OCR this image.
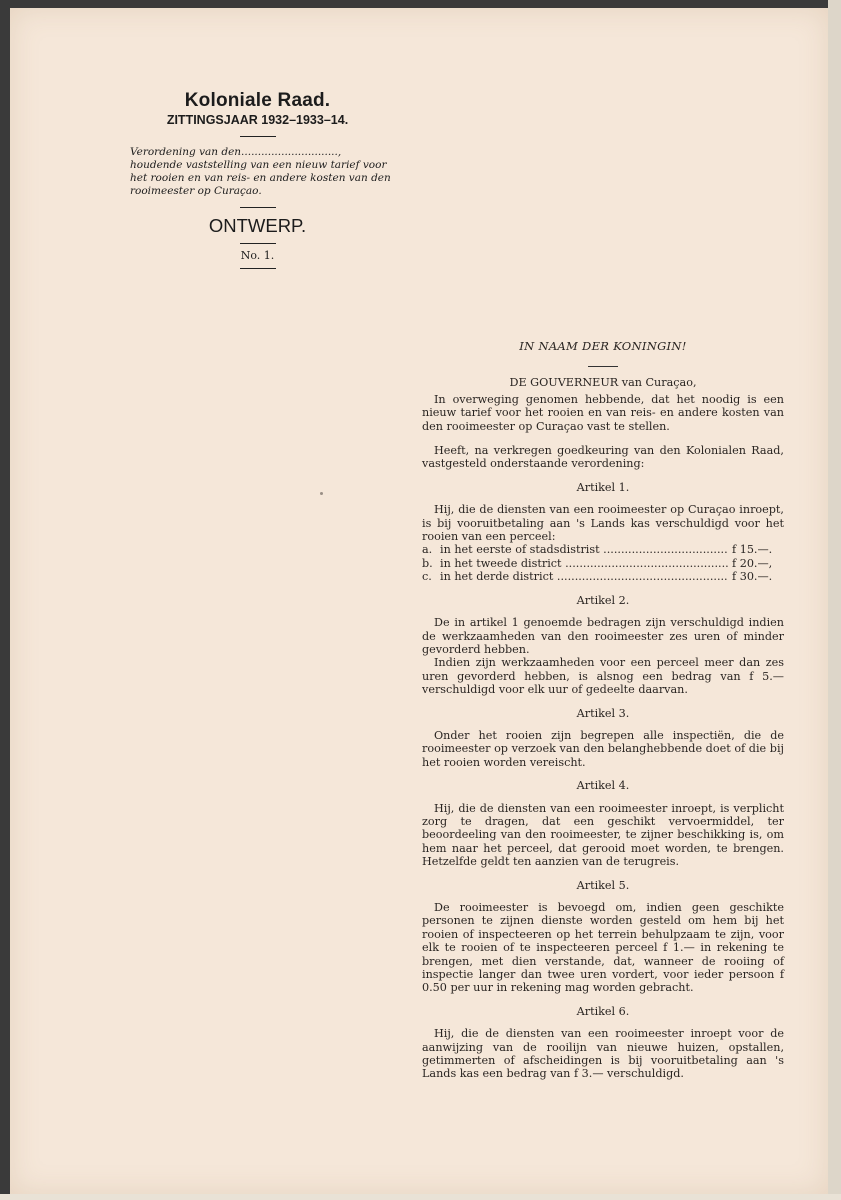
Koloniale Raad.
ZITTINGSJAAR 1932–1933–14.
Verordening van den............................., houdende vaststelling van een nieuw tarief voor het rooien en van reis- en andere kosten van den rooimeester op Curaçao.
ONTWERP.
No. 1.
IN NAAM DER KONINGIN!
DE GOUVERNEUR van Curaçao,

In overweging genomen hebbende, dat het noodig is een nieuw tarief voor het rooien en van reis- en andere kosten van den rooimeester op Curaçao vast te stellen.

Heeft, na verkregen goedkeuring van den Kolonialen Raad, vastgesteld onderstaande verordening:

Artikel 1.

Hij, die de diensten van een rooimeester op Curaçao inroept, is bij vooruitbetaling aan 's Lands kas verschuldigd voor het rooien van een perceel:

a. in het eerste of stadsdistrist .....	f 15.—.
b. in het tweede district .....	f 20.—,
c. in het derde district .....	f 30.—.
Artikel 2.

De in artikel 1 genoemde bedragen zijn verschuldigd indien de werkzaamheden van den rooimeester zes uren of minder gevorderd hebben.

Indien zijn werkzaamheden voor een perceel meer dan zes uren gevorderd hebben, is alsnog een bedrag van f 5.— verschuldigd voor elk uur of gedeelte daarvan.

Artikel 3.

Onder het rooien zijn begrepen alle inspectiën, die de rooimeester op verzoek van den belanghebbende doet of die bij het rooien worden vereischt.

Artikel 4.

Hij, die de diensten van een rooimeester inroept, is verplicht zorg te dragen, dat een geschikt vervoermiddel, ter beoordeeling van den rooimeester, te zijner beschikking is, om hem naar het perceel, dat gerooid moet worden, te brengen. Hetzelfde geldt ten aanzien van de terugreis.

Artikel 5.

De rooimeester is bevoegd om, indien geen geschikte personen te zijnen dienste worden gesteld om hem bij het rooien of inspecteeren op het terrein behulpzaam te zijn, voor elk te rooien of te inspecteeren perceel f 1.— in rekening te brengen, met dien verstande, dat, wanneer de rooiing of inspectie langer dan twee uren vordert, voor ieder persoon f 0.50 per uur in rekening mag worden gebracht.

Artikel 6.

Hij, die de diensten van een rooimeester inroept voor de aanwijzing van de rooilijn van nieuwe huizen, opstallen, getimmerten of afscheidingen is bij vooruitbetaling aan 's Lands kas een bedrag van f 3.— verschuldigd.
